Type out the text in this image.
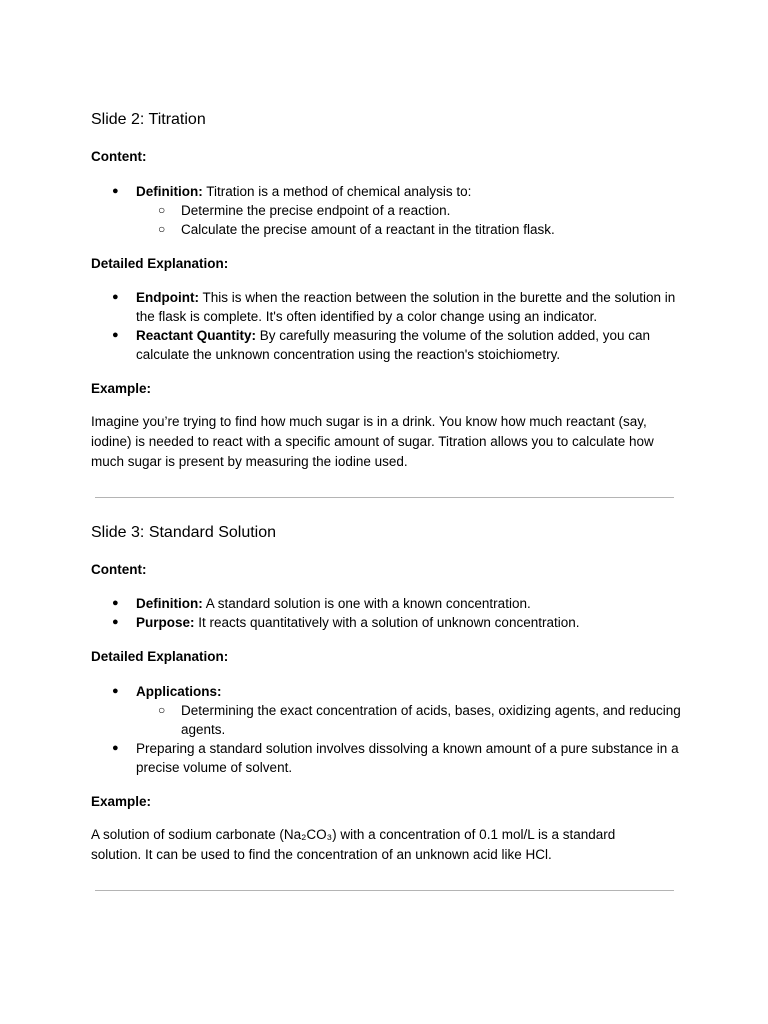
Slide 2: Titration
Content:
● Definition: Titration is a method of chemical analysis to:
○ Determine the precise endpoint of a reaction.
○ Calculate the precise amount of a reactant in the titration flask.
Detailed Explanation:
● Endpoint: This is when the reaction between the solution in the burette and the solution in the flask is complete. It's often identified by a color change using an indicator.
● Reactant Quantity: By carefully measuring the volume of the solution added, you can calculate the unknown concentration using the reaction's stoichiometry.
Example:

Imagine you’re trying to find how much sugar is in a drink. You know how much reactant (say, iodine) is needed to react with a specific amount of sugar. Titration allows you to calculate how much sugar is present by measuring the iodine used.

Slide 3: Standard Solution
Content:
● Definition: A standard solution is one with a known concentration.
● Purpose: It reacts quantitatively with a solution of unknown concentration.
Detailed Explanation:
● Applications:
○ Determining the exact concentration of acids, bases, oxidizing agents, and reducing agents.
● Preparing a standard solution involves dissolving a known amount of a pure substance in a precise volume of solvent.
Example:

A solution of sodium carbonate (Na₂CO₃) with a concentration of 0.1 mol/L is a standard solution. It can be used to find the concentration of an unknown acid like HCl.
